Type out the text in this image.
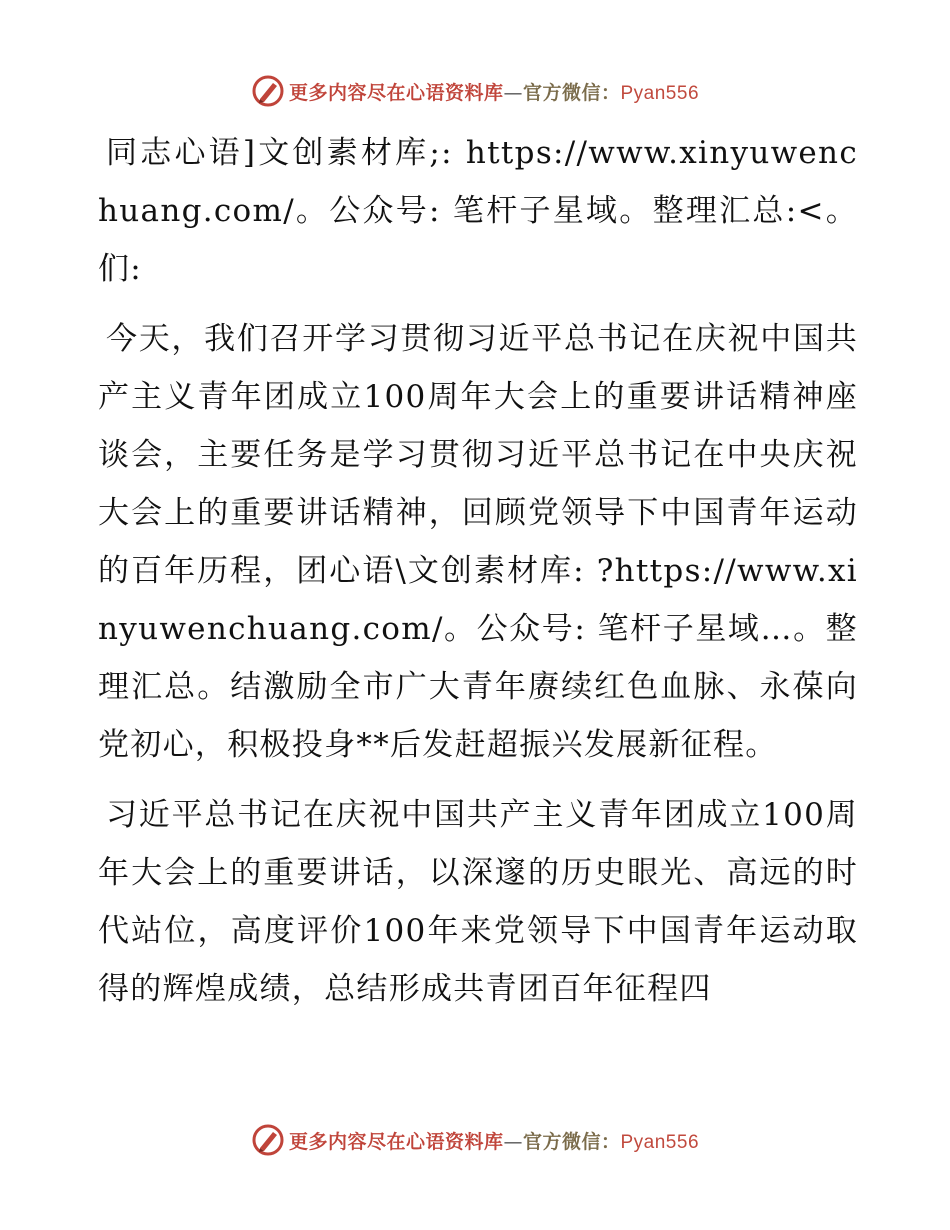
更多内容尽在心语资料库—官方微信：Pyan556

同志心语]文创素材库;: https://www.xinyuwenchuang.com/。公众号: 笔杆子星域。整理汇总:<。们:

今天，我们召开学习贯彻习近平总书记在庆祝中国共产主义青年团成立100周年大会上的重要讲话精神座谈会，主要任务是学习贯彻习近平总书记在中央庆祝大会上的重要讲话精神，回顾党领导下中国青年运动的百年历程，团心语\文创素材库: ?https://www.xinyuwenchuang.com/。公众号: 笔杆子星域…。整理汇总。结激励全市广大青年赓续红色血脉、永葆向党初心，积极投身**后发赶超振兴发展新征程。

习近平总书记在庆祝中国共产主义青年团成立100周年大会上的重要讲话，以深邃的历史眼光、高远的时代站位，高度评价100年来党领导下中国青年运动取得的辉煌成绩，总结形成共青团百年征程四

更多内容尽在心语资料库—官方微信：Pyan556
